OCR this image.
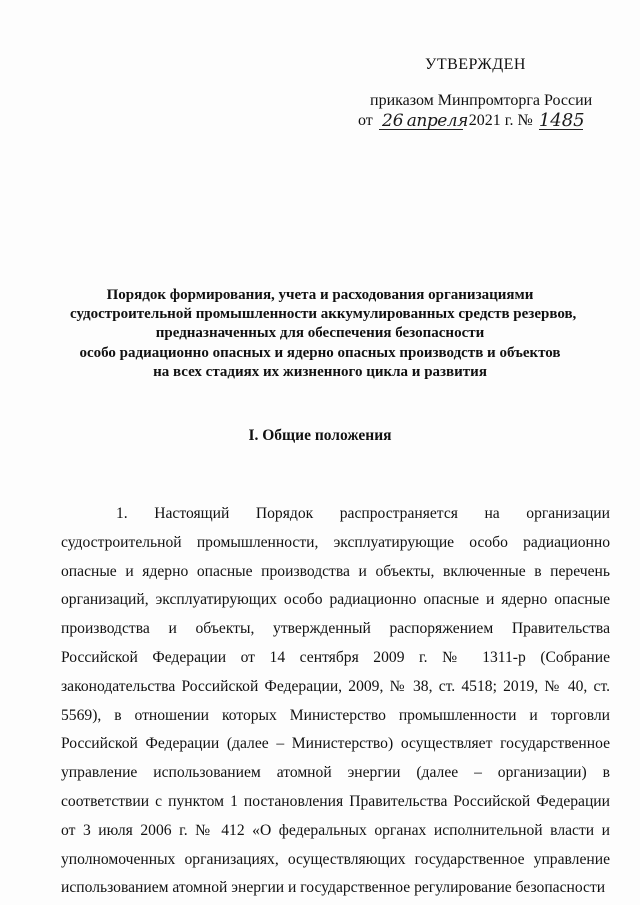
УТВЕРЖДЕН
приказом Минпромторга России
от 26 апреля 2021 г. № 1485
Порядок формирования, учета и расходования организациями
судостроительной промышленности аккумулированных средств резервов,
предназначенных для обеспечения безопасности
особо радиационно опасных и ядерно опасных производств и объектов
на всех стадиях их жизненного цикла и развития
I. Общие положения

1. Настоящий Порядок распространяется на организации судостроительной промышленности, эксплуатирующие особо радиационно опасные и ядерно опасные производства и объекты, включенные в перечень организаций, эксплуатирующих особо радиационно опасные и ядерно опасные производства и объекты, утвержденный распоряжением Правительства Российской Федерации от 14 сентября 2009 г. № 1311-р (Собрание законодательства Российской Федерации, 2009, № 38, ст. 4518; 2019, № 40, ст. 5569), в отношении которых Министерство промышленности и торговли Российской Федерации (далее – Министерство) осуществляет государственное управление использованием атомной энергии (далее – организации) в соответствии с пунктом 1 постановления Правительства Российской Федерации от 3 июля 2006 г. № 412 «О федеральных органах исполнительной власти и уполномоченных организациях, осуществляющих государственное управление использованием атомной энергии и государственное регулирование безопасности
